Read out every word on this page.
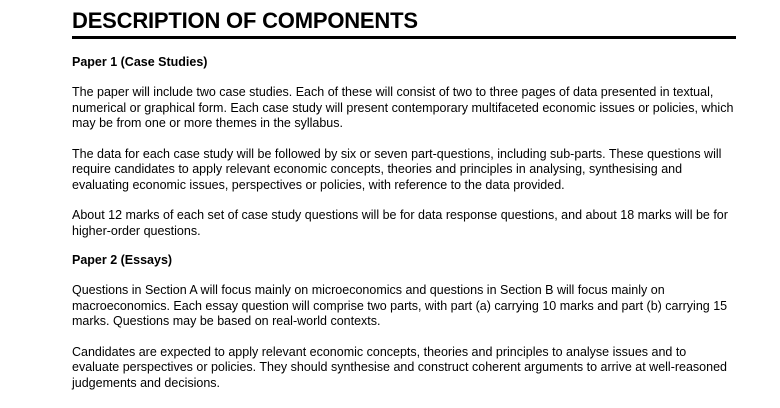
DESCRIPTION OF COMPONENTS
Paper 1 (Case Studies)

The paper will include two case studies. Each of these will consist of two to three pages of data presented in textual, numerical or graphical form. Each case study will present contemporary multifaceted economic issues or policies, which may be from one or more themes in the syllabus.

The data for each case study will be followed by six or seven part-questions, including sub-parts. These questions will require candidates to apply relevant economic concepts, theories and principles in analysing, synthesising and evaluating economic issues, perspectives or policies, with reference to the data provided.

About 12 marks of each set of case study questions will be for data response questions, and about 18 marks will be for higher-order questions.

Paper 2 (Essays)

Questions in Section A will focus mainly on microeconomics and questions in Section B will focus mainly on macroeconomics. Each essay question will comprise two parts, with part (a) carrying 10 marks and part (b) carrying 15 marks. Questions may be based on real-world contexts.

Candidates are expected to apply relevant economic concepts, theories and principles to analyse issues and to evaluate perspectives or policies. They should synthesise and construct coherent arguments to arrive at well-reasoned judgements and decisions.
